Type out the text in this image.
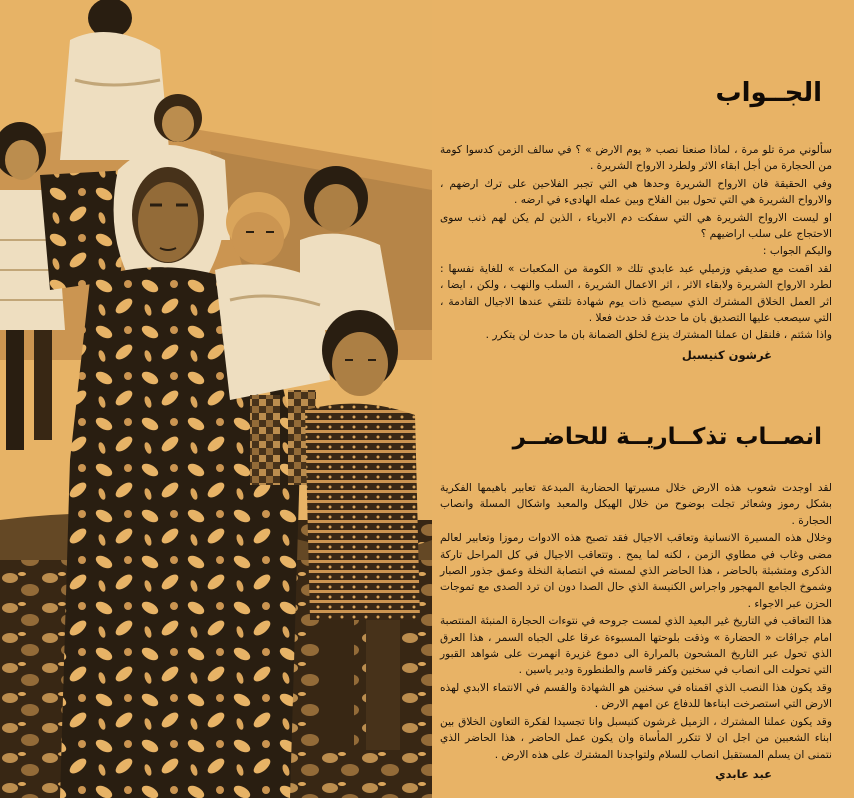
الجــواب

سألوني مرة تلو مرة ، لماذا صنعنا نصب « يوم الارض » ؟ في سالف الزمن كدسوا كومة من الحجارة من أجل ابقاء الاثر ولطرد الارواح الشريرة .

وفي الحقيقة فان الارواح الشريرة وحدها هي التي تجبر الفلاحين على ترك ارضهم ، والارواح الشريرة هي التي تحول بين الفلاح وبين عمله الهادىء في ارضه .

او ليست الارواح الشريرة هي التي سفكت دم الابرياء ، الذين لم يكن لهم ذنب سوى الاحتجاج على سلب اراضيهم ؟

واليكم الجواب :

لقد اقمت مع صديقي وزميلي عبد عابدي تلك « الكومة من المكعبات » للغاية نفسها : لطرد الارواح الشريرة ولابقاء الاثر ، اثر الاعمال الشريرة ، السلب والنهب ، ولكن ، ايضا ، اثر العمل الخلاق المشترك الذي سيصبح ذات يوم شهادة تلتقي عندها الاجيال القادمة ، التي سيصعب عليها التصديق بان ما حدث قد حدث فعلا .

واذا شئتم ، فلنقل ان عملنا المشترك ينزع لخلق الضمانة بان ما حدث لن يتكرر .

غرشون كنيسبل

انصــاب تذكــاريــة للحاضــر

لقد اوجدت شعوب هذه الارض خلال مسيرتها الحضارية المبدعة تعابير باهيمها الفكرية بشكل رموز وشعائر تجلت بوضوح من خلال الهيكل والمعبد واشكال المسلة وانصاب الحجارة .

وخلال هذه المسيرة الانسانية وتعاقب الاجيال فقد تصبح هذه الادوات رموزا وتعابير لعالم مضى وغاب في مطاوي الزمن ، لكنه لما يمح . وتتعاقب الاجيال في كل المراحل تاركة الذكرى ومتشبثة بالحاضر ، هذا الحاضر الذي لمسته في انتصابة النخلة وعمق جذور الصبار وشموخ الجامع المهجور واجراس الكنيسة الذي حال الصدا دون ان ترد الصدى مع تموجات الحزن عبر الاجواء .

هذا التعاقب في التاريخ غير البعيد الذي لمست جروحه في نتوءات الحجارة المنبئة المنتصبة امام جراڤات « الحضارة » وذقت بلوحتها المسبوءة عرقا على الجباه السمر ، هذا العرق الذي تحول عبر التاريخ المشحون بالمرارة الى دموع غزيرة انهمرت على شواهد القبور التي تحولت الى انصاب في سخنين وكفر قاسم والطنطورة ودير ياسين .

وقد يكون هذا النصب الذي اقمناه في سخنين هو الشهادة والقسم في الانتماء الابدي لهذه الارض التي استصرخت ابناءها للدفاع عن امهم الارض .

وقد يكون عملنا المشترك ، الزميل غرشون كنيسبل وانا تجسيدا لفكرة التعاون الخلاق بين ابناء الشعبين من اجل ان لا تتكرر المأساة وان يكون عمل الحاضر ، هذا الحاضر الذي نتمنى ان يسلم المستقبل انصاب للسلام ولتواجدنا المشترك على هذه الارض .

عبد عابدي
